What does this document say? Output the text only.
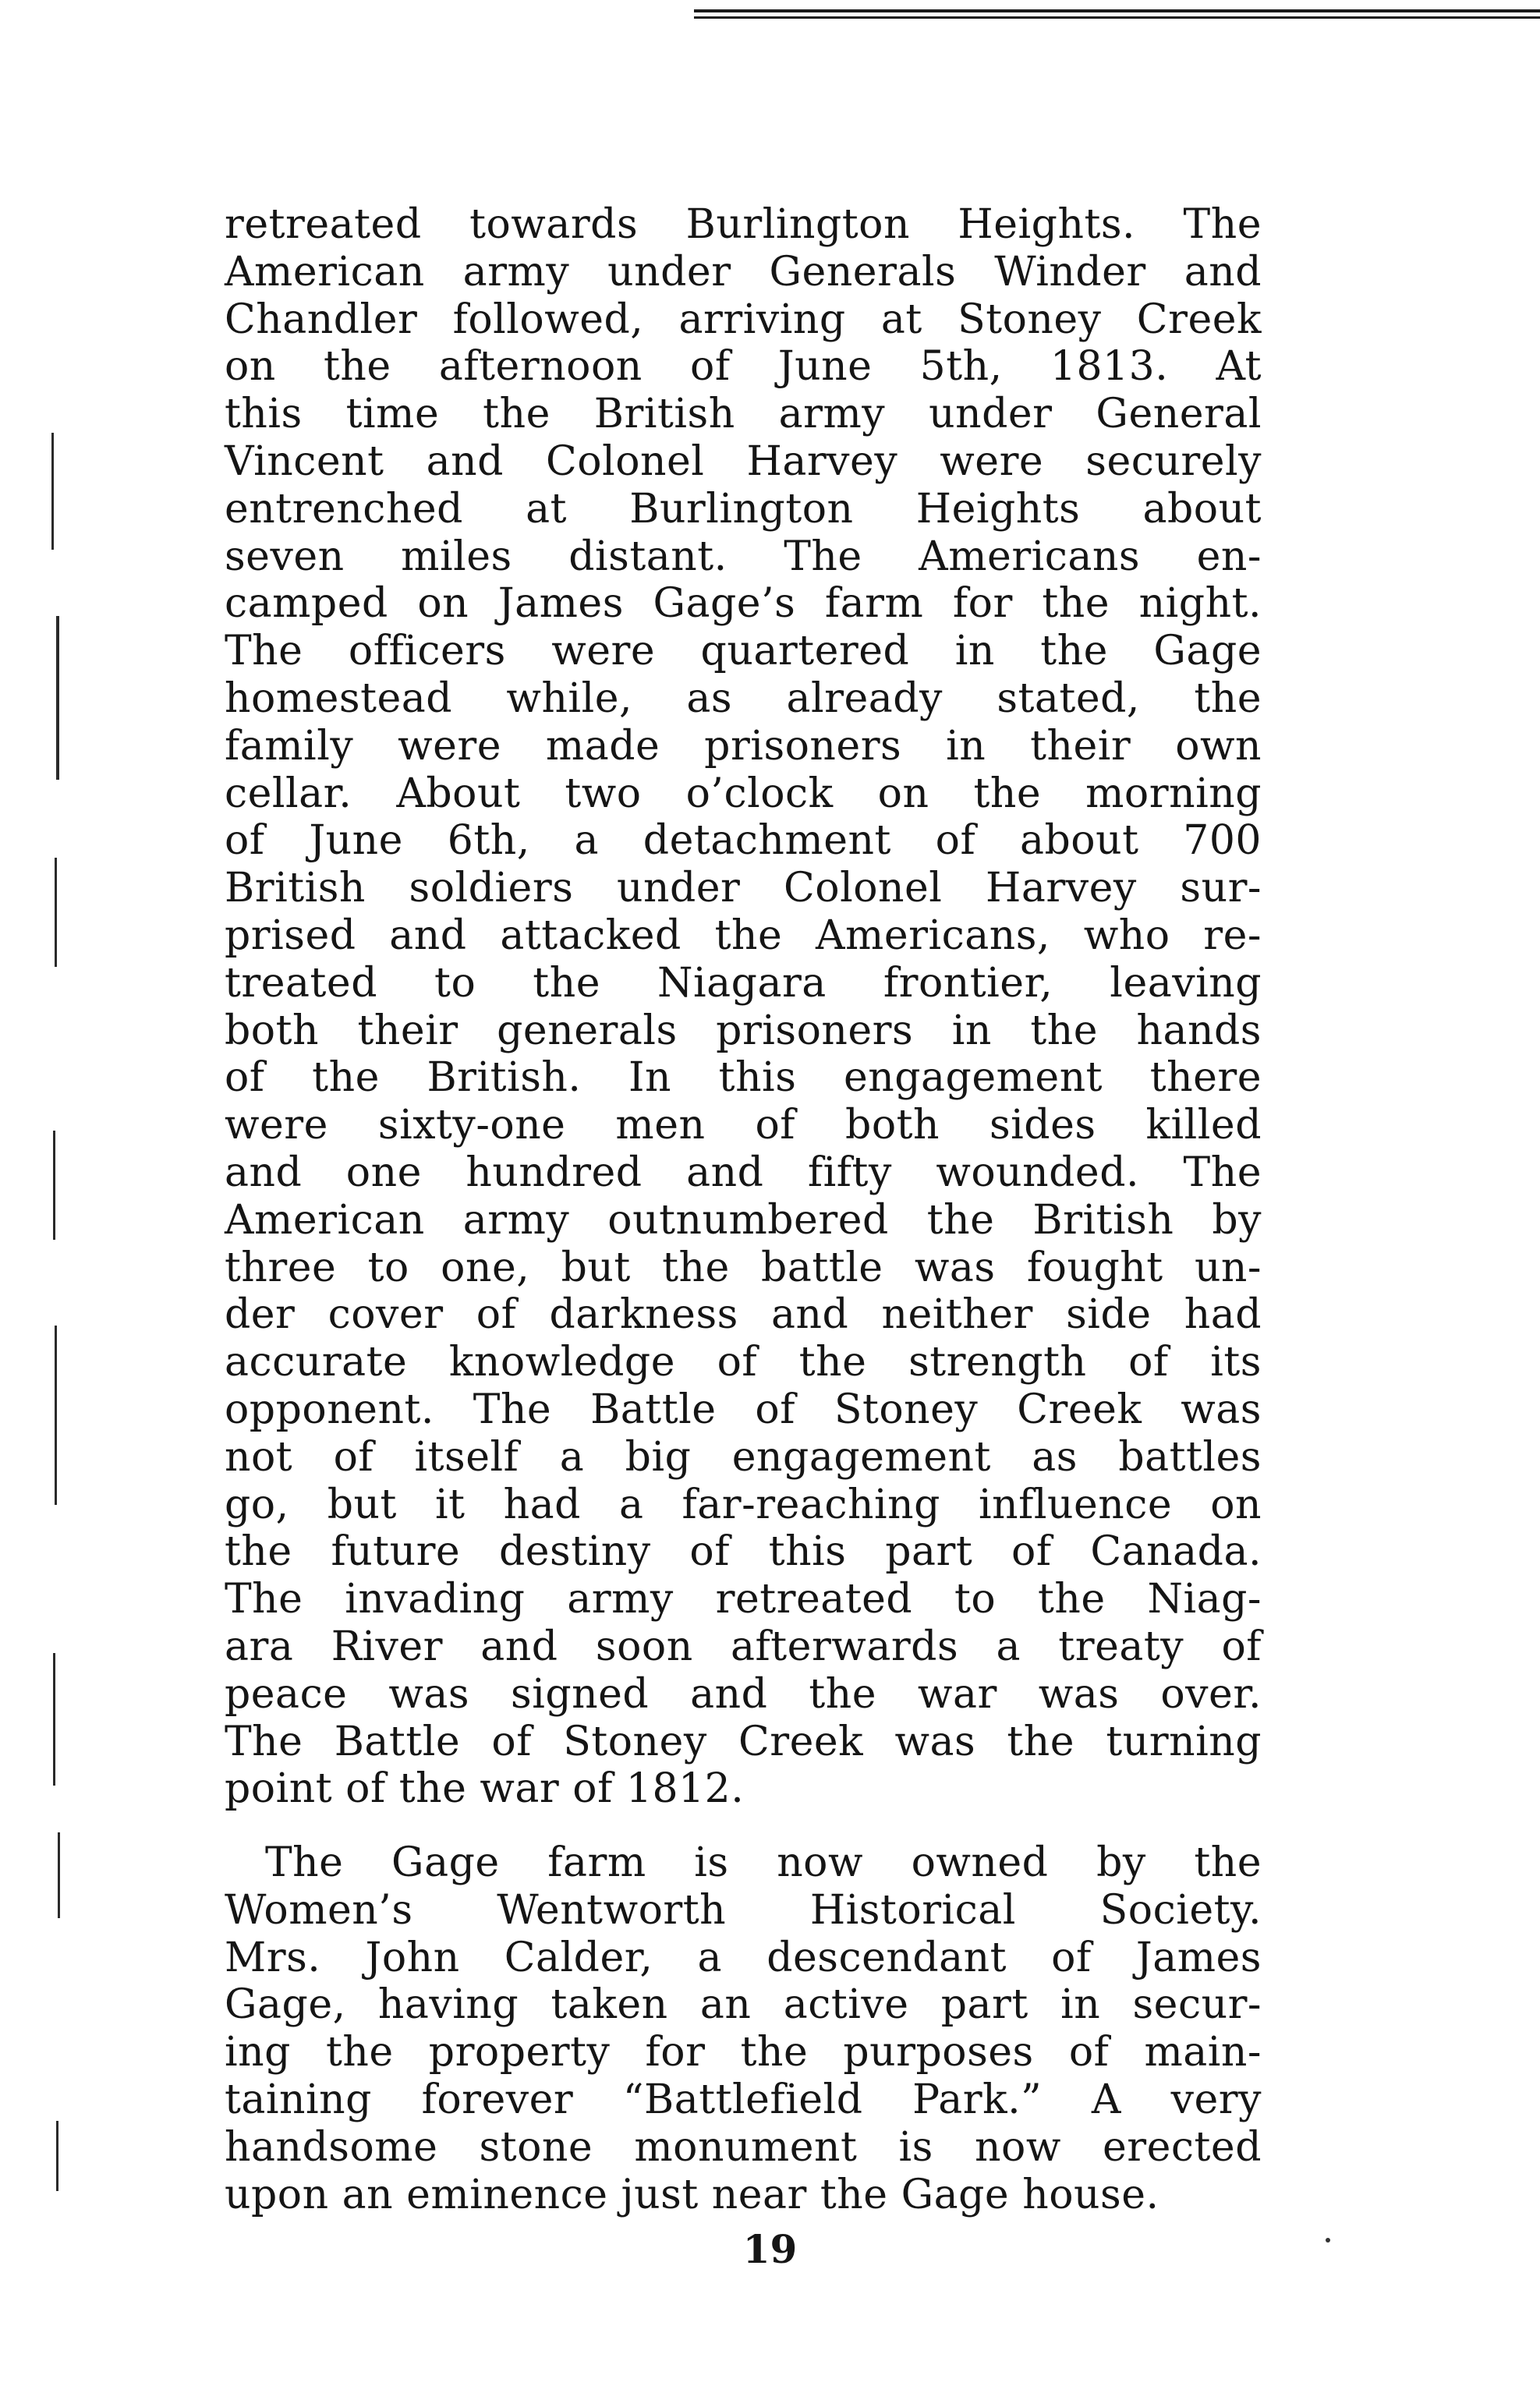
retreated towards Burlington Heights. The
American army under Generals Winder and
Chandler followed, arriving at Stoney Creek
on the afternoon of June 5th, 1813. At
this time the British army under General
Vincent and Colonel Harvey were securely
entrenched at Burlington Heights about
seven miles distant. The Americans en-
camped on James Gage’s farm for the night.
The officers were quartered in the Gage
homestead while, as already stated, the
family were made prisoners in their own
cellar. About two o’clock on the morning
of June 6th, a detachment of about 700
British soldiers under Colonel Harvey sur-
prised and attacked the Americans, who re-
treated to the Niagara frontier, leaving
both their generals prisoners in the hands
of the British. In this engagement there
were sixty-one men of both sides killed
and one hundred and fifty wounded. The
American army outnumbered the British by
three to one, but the battle was fought un-
der cover of darkness and neither side had
accurate knowledge of the strength of its
opponent. The Battle of Stoney Creek was
not of itself a big engagement as battles
go, but it had a far-reaching influence on
the future destiny of this part of Canada.
The invading army retreated to the Niag-
ara River and soon afterwards a treaty of
peace was signed and the war was over.
The Battle of Stoney Creek was the turning
point of the war of 1812.
The Gage farm is now owned by the
Women’s Wentworth Historical Society.
Mrs. John Calder, a descendant of James
Gage, having taken an active part in secur-
ing the property for the purposes of main-
taining forever “Battlefield Park.” A very
handsome stone monument is now erected
upon an eminence just near the Gage house.
19
